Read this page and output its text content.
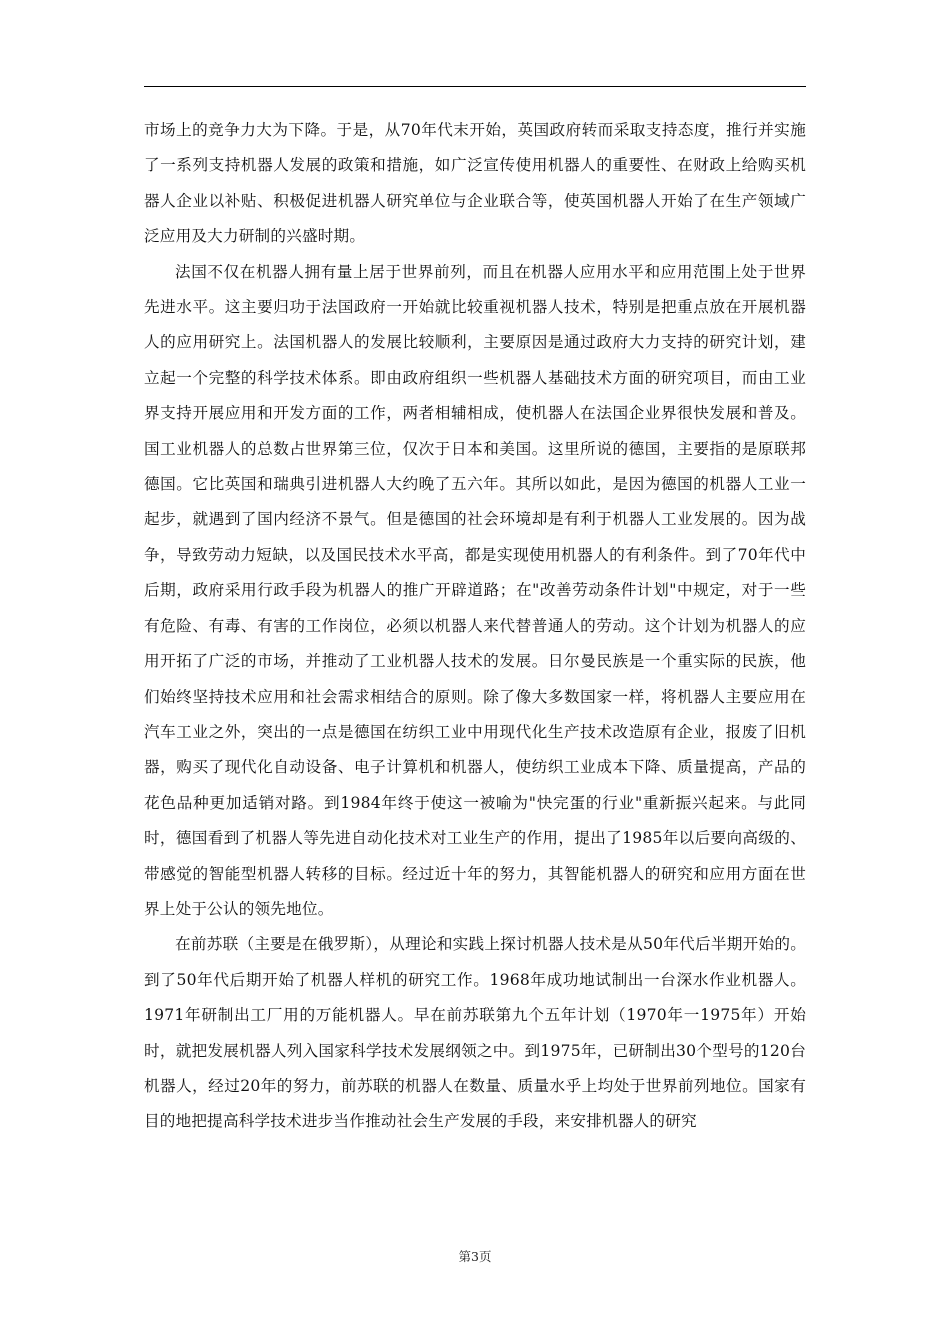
市场上的竞争力大为下降。于是，从70年代末开始，英国政府转而采取支持态度，推行并实施了一系列支持机器人发展的政策和措施，如广泛宣传使用机器人的重要性、在财政上给购买机器人企业以补贴、积极促进机器人研究单位与企业联合等，使英国机器人开始了在生产领域广泛应用及大力研制的兴盛时期。

法国不仅在机器人拥有量上居于世界前列，而且在机器人应用水平和应用范围上处于世界先进水平。这主要归功于法国政府一开始就比较重视机器人技术，特别是把重点放在开展机器人的应用研究上。法国机器人的发展比较顺利，主要原因是通过政府大力支持的研究计划，建立起一个完整的科学技术体系。即由政府组织一些机器人基础技术方面的研究项目，而由工业界支持开展应用和开发方面的工作，两者相辅相成，使机器人在法国企业界很快发展和普及。国工业机器人的总数占世界第三位，仅次于日本和美国。这里所说的德国，主要指的是原联邦德国。它比英国和瑞典引进机器人大约晚了五六年。其所以如此，是因为德国的机器人工业一起步，就遇到了国内经济不景气。但是德国的社会环境却是有利于机器人工业发展的。因为战争，导致劳动力短缺，以及国民技术水平高，都是实现使用机器人的有利条件。到了70年代中后期，政府采用行政手段为机器人的推广开辟道路；在"改善劳动条件计划"中规定，对于一些有危险、有毒、有害的工作岗位，必须以机器人来代替普通人的劳动。这个计划为机器人的应用开拓了广泛的市场，并推动了工业机器人技术的发展。日尔曼民族是一个重实际的民族，他们始终坚持技术应用和社会需求相结合的原则。除了像大多数国家一样，将机器人主要应用在汽车工业之外，突出的一点是德国在纺织工业中用现代化生产技术改造原有企业，报废了旧机器，购买了现代化自动设备、电子计算机和机器人，使纺织工业成本下降、质量提高，产品的花色品种更加适销对路。到1984年终于使这一被喻为"快完蛋的行业"重新振兴起来。与此同时，德国看到了机器人等先进自动化技术对工业生产的作用，提出了1985年以后要向高级的、带感觉的智能型机器人转移的目标。经过近十年的努力，其智能机器人的研究和应用方面在世界上处于公认的领先地位。

在前苏联（主要是在俄罗斯），从理论和实践上探讨机器人技术是从50年代后半期开始的。到了50年代后期开始了机器人样机的研究工作。1968年成功地试制出一台深水作业机器人。1971年研制出工厂用的万能机器人。早在前苏联第九个五年计划（1970年一1975年）开始时，就把发展机器人列入国家科学技术发展纲领之中。到1975年，已研制出30个型号的120台机器人，经过20年的努力，前苏联的机器人在数量、质量水乎上均处于世界前列地位。国家有目的地把提高科学技术进步当作推动社会生产发展的手段，来安排机器人的研究

第3页
